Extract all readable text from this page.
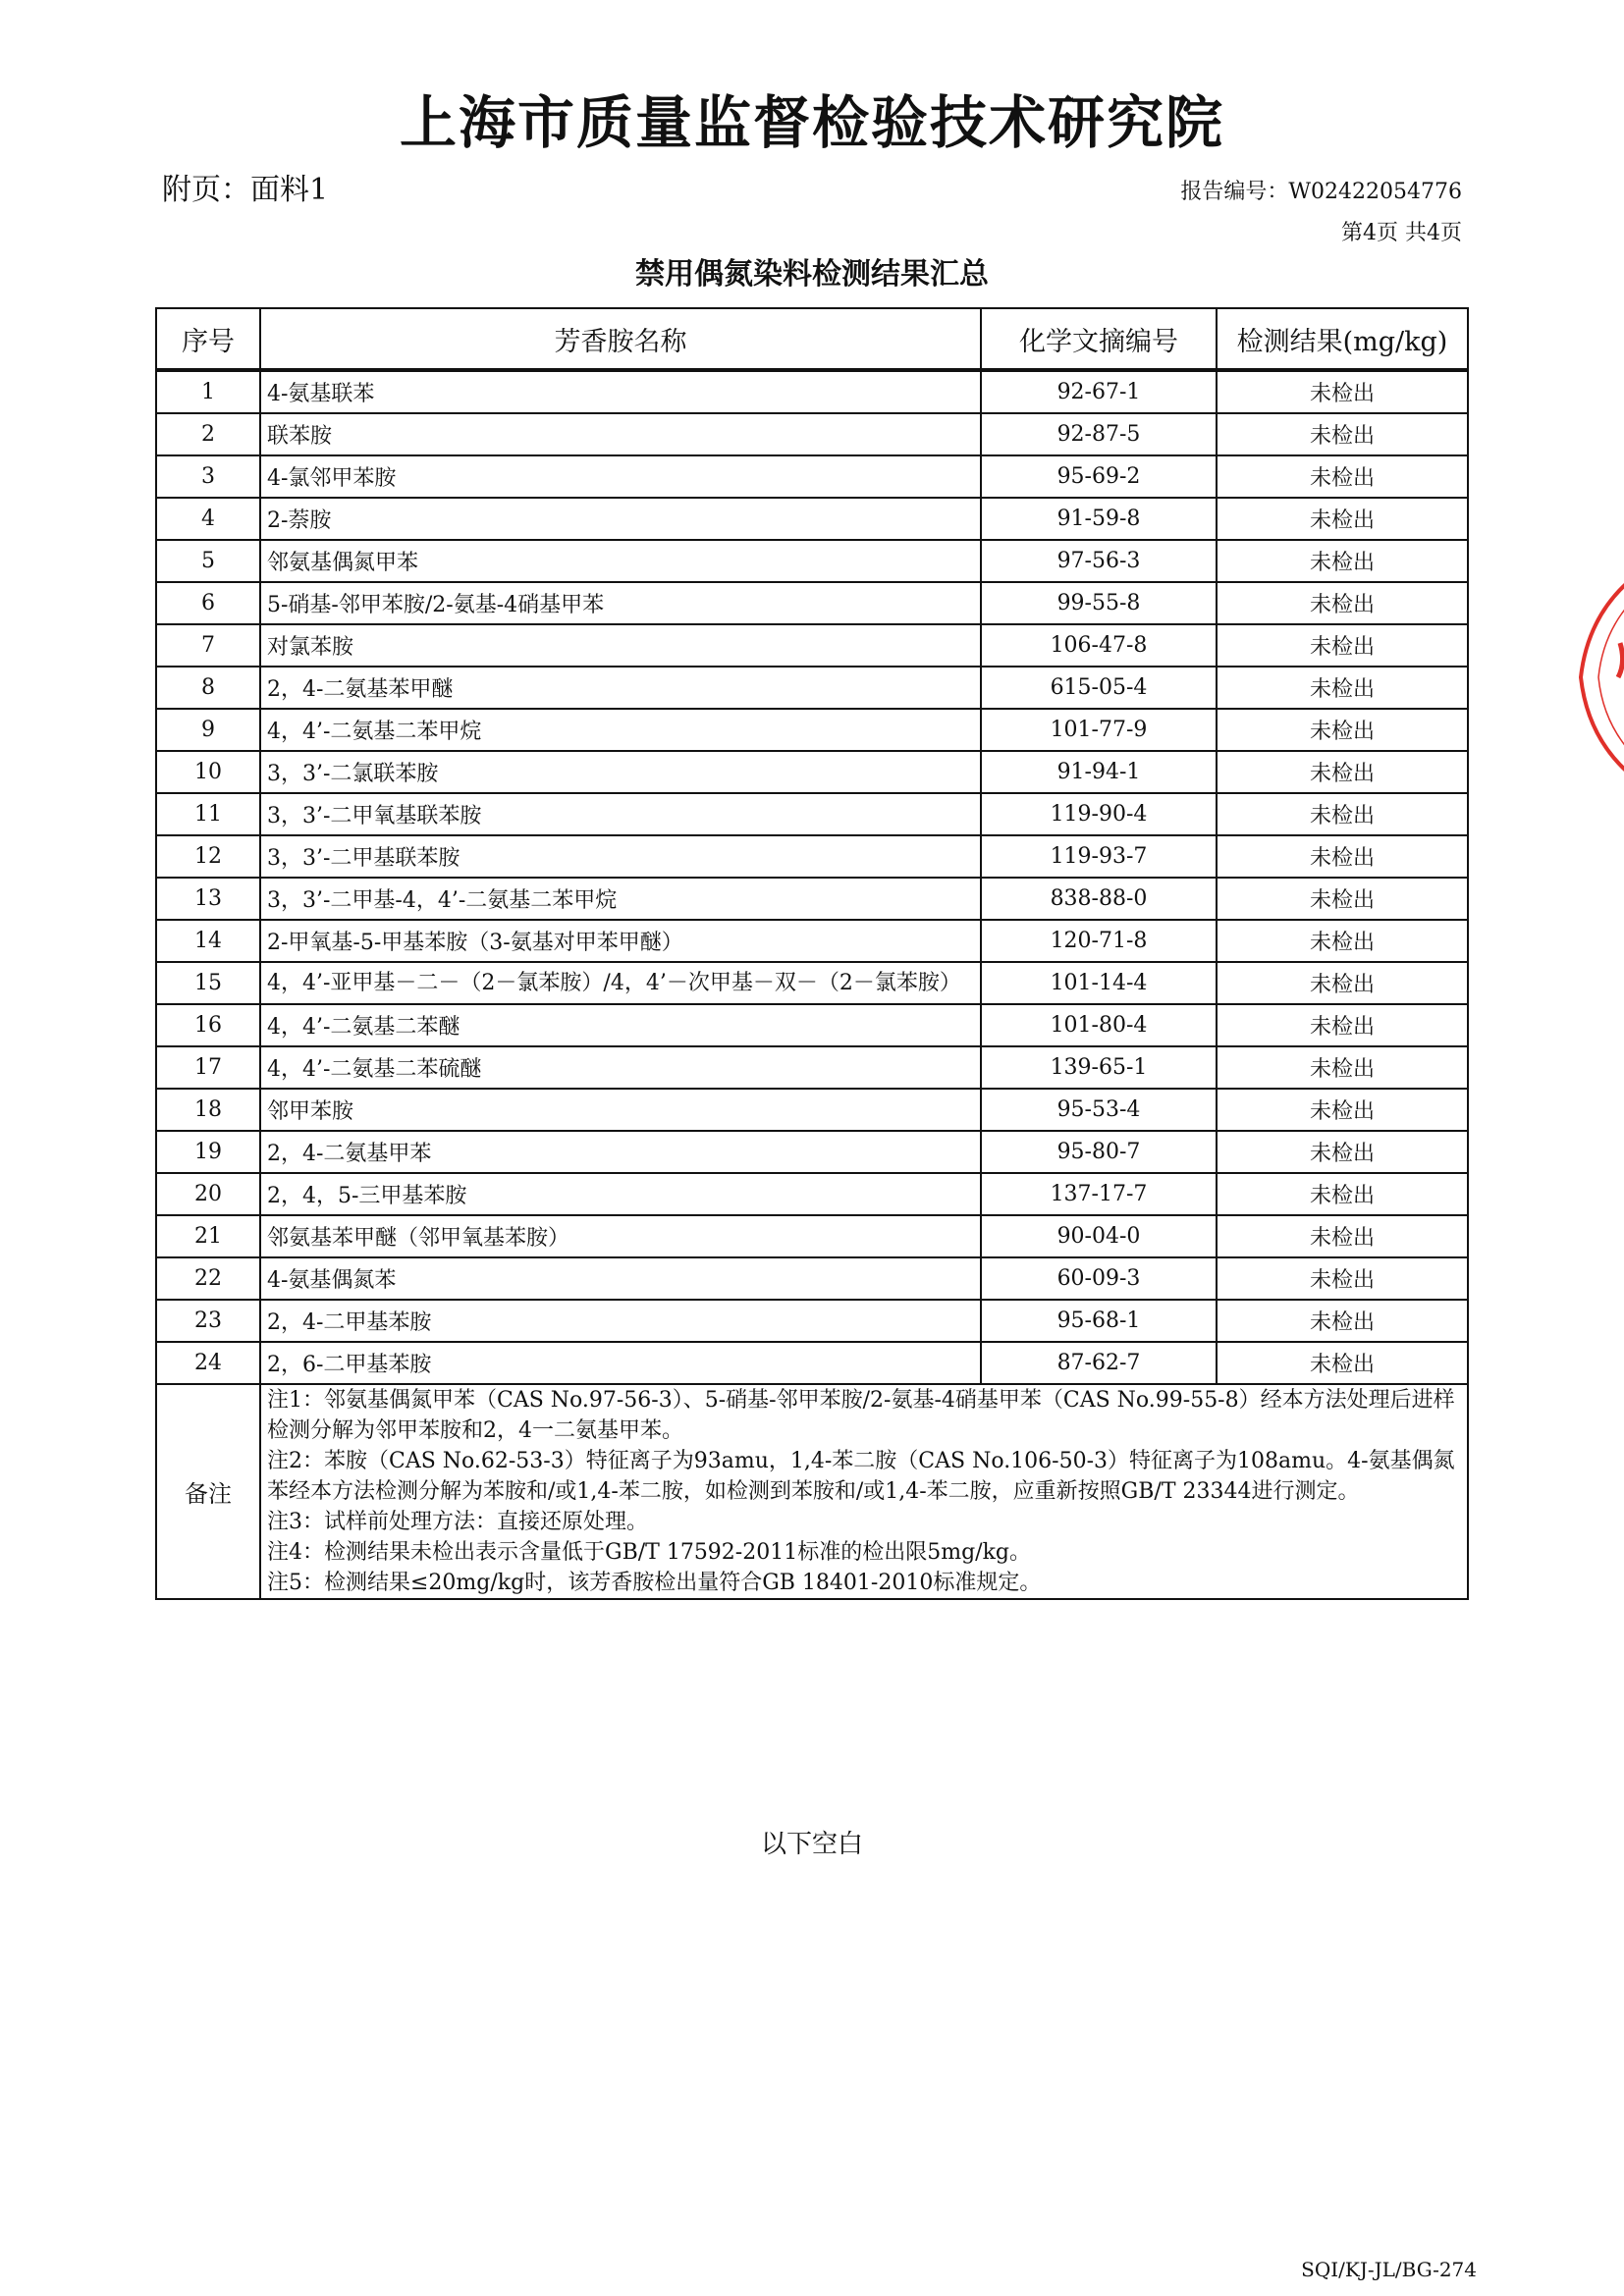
上海市质量监督检验技术研究院
附页：面料1	报告编号：W02422054776
第4页 共4页
禁用偶氮染料检测结果汇总
序号	芳香胺名称	化学文摘编号	检测结果(mg/kg)
1	4-氨基联苯	92-67-1	未检出
2	联苯胺	92-87-5	未检出
3	4-氯邻甲苯胺	95-69-2	未检出
4	2-萘胺	91-59-8	未检出
5	邻氨基偶氮甲苯	97-56-3	未检出
6	5-硝基-邻甲苯胺/2-氨基-4硝基甲苯	99-55-8	未检出
7	对氯苯胺	106-47-8	未检出
8	2，4-二氨基苯甲醚	615-05-4	未检出
9	4，4’-二氨基二苯甲烷	101-77-9	未检出
10	3，3’-二氯联苯胺	91-94-1	未检出
11	3，3’-二甲氧基联苯胺	119-90-4	未检出
12	3，3’-二甲基联苯胺	119-93-7	未检出
13	3，3’-二甲基-4，4’-二氨基二苯甲烷	838-88-0	未检出
14	2-甲氧基-5-甲基苯胺（3-氨基对甲苯甲醚）	120-71-8	未检出
15	4，4’-亚甲基－二－（2－氯苯胺）/4，4’－次甲基－双－（2－氯苯胺）	101-14-4	未检出
16	4，4’-二氨基二苯醚	101-80-4	未检出
17	4，4’-二氨基二苯硫醚	139-65-1	未检出
18	邻甲苯胺	95-53-4	未检出
19	2，4-二氨基甲苯	95-80-7	未检出
20	2，4，5-三甲基苯胺	137-17-7	未检出
21	邻氨基苯甲醚（邻甲氧基苯胺）	90-04-0	未检出
22	4-氨基偶氮苯	60-09-3	未检出
23	2，4-二甲基苯胺	95-68-1	未检出
24	2，6-二甲基苯胺	87-62-7	未检出
备注	注1：邻氨基偶氮甲苯（CAS No.97-56-3）、5-硝基-邻甲苯胺/2-氨基-4硝基甲苯（CAS No.99-55-8）经本方法处理后进样检测分解为邻甲苯胺和2，4一二氨基甲苯。
注2：苯胺（CAS No.62-53-3）特征离子为93amu，1,4-苯二胺（CAS No.106-50-3）特征离子为108amu。4-氨基偶氮苯经本方法检测分解为苯胺和/或1,4-苯二胺，如检测到苯胺和/或1,4-苯二胺，应重新按照GB/T 23344进行测定。
注3：试样前处理方法：直接还原处理。
注4：检测结果未检出表示含量低于GB/T 17592-2011标准的检出限5mg/kg。
注5：检测结果≤20mg/kg时，该芳香胺检出量符合GB 18401-2010标准规定。		
以下空白
SQI/KJ-JL/BG-274
